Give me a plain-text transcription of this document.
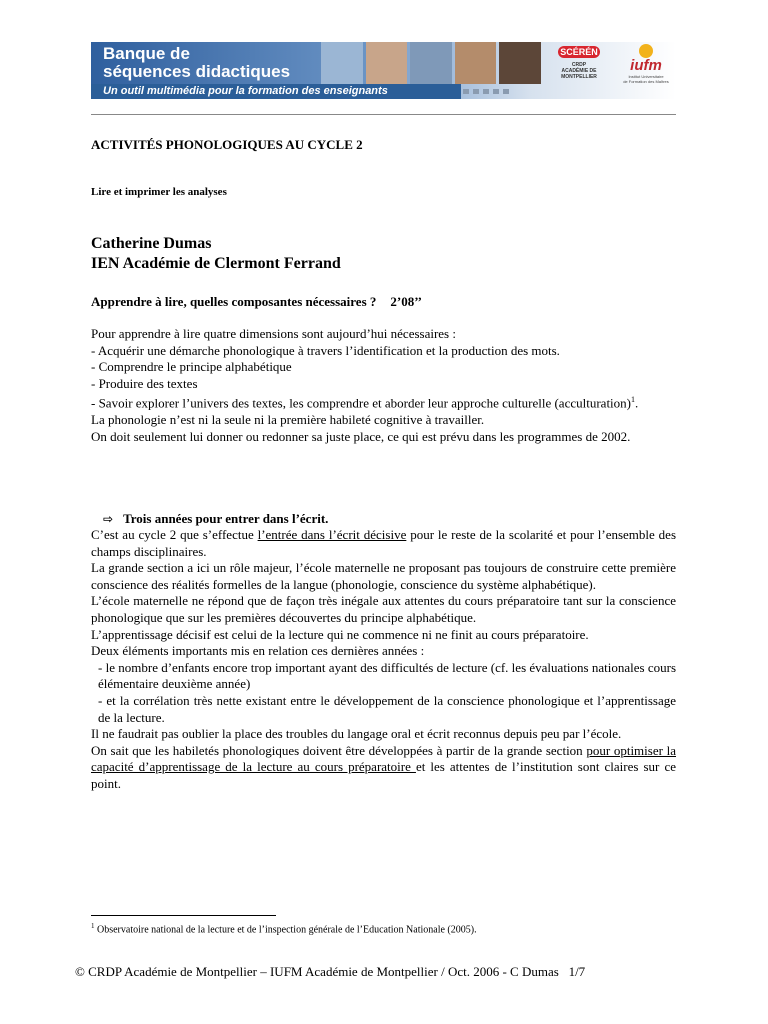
Banque de
séquences didactiques
Un outil multimédia pour la formation des enseignants
SCÉRÉN
CRDP
ACADÉMIE DE
MONTPELLIER
iufm
Institut Universitaire
de Formation des Maîtres
ACTIVITÉS PHONOLOGIQUES AU CYCLE 2
Lire et imprimer les analyses
Catherine Dumas
IEN Académie de Clermont Ferrand
Apprendre à lire, quelles composantes nécessaires ? 2’08’’

Pour apprendre à lire quatre dimensions sont aujourd’hui nécessaires :

- Acquérir une démarche phonologique à travers l’identification et la production des mots.

- Comprendre le principe alphabétique

- Produire des textes

- Savoir explorer l’univers des textes, les comprendre et aborder leur approche culturelle (acculturation)$^1$.

La phonologie n’est ni la seule ni la première habileté cognitive à travailler.

On doit seulement lui donner ou redonner sa juste place, ce qui est prévu dans les programmes de 2002.

⇨ Trois années pour entrer dans l’écrit.

C’est au cycle 2 que s’effectue l’entrée dans l’écrit décisive pour le reste de la scolarité et pour l’ensemble des champs disciplinaires.

La grande section a ici un rôle majeur, l’école maternelle ne proposant pas toujours de construire cette première conscience des réalités formelles de la langue (phonologie, conscience du système alphabétique).

L’école maternelle ne répond que de façon très inégale aux attentes du cours préparatoire tant sur la conscience phonologique que sur les premières découvertes du principe alphabétique.

L’apprentissage décisif est celui de la lecture qui ne commence ni ne finit au cours préparatoire.

Deux éléments importants mis en relation ces dernières années :

- le nombre d’enfants encore trop important ayant des difficultés de lecture (cf. les évaluations nationales cours élémentaire deuxième année)

- et la corrélation très nette existant entre le développement de la conscience phonologique et l’apprentissage de la lecture.

Il ne faudrait pas oublier la place des troubles du langage oral et écrit reconnus depuis peu par l’école.

On sait que les habiletés phonologiques doivent être développées à partir de la grande section pour optimiser la capacité d’apprentissage de la lecture au cours préparatoire et les attentes de l’institution sont claires sur ce point.

$^1$ Observatoire national de la lecture et de l’inspection générale de l’Education Nationale (2005).
© CRDP Académie de Montpellier – IUFM Académie de Montpellier / Oct. 2006 - C Dumas 1/7
